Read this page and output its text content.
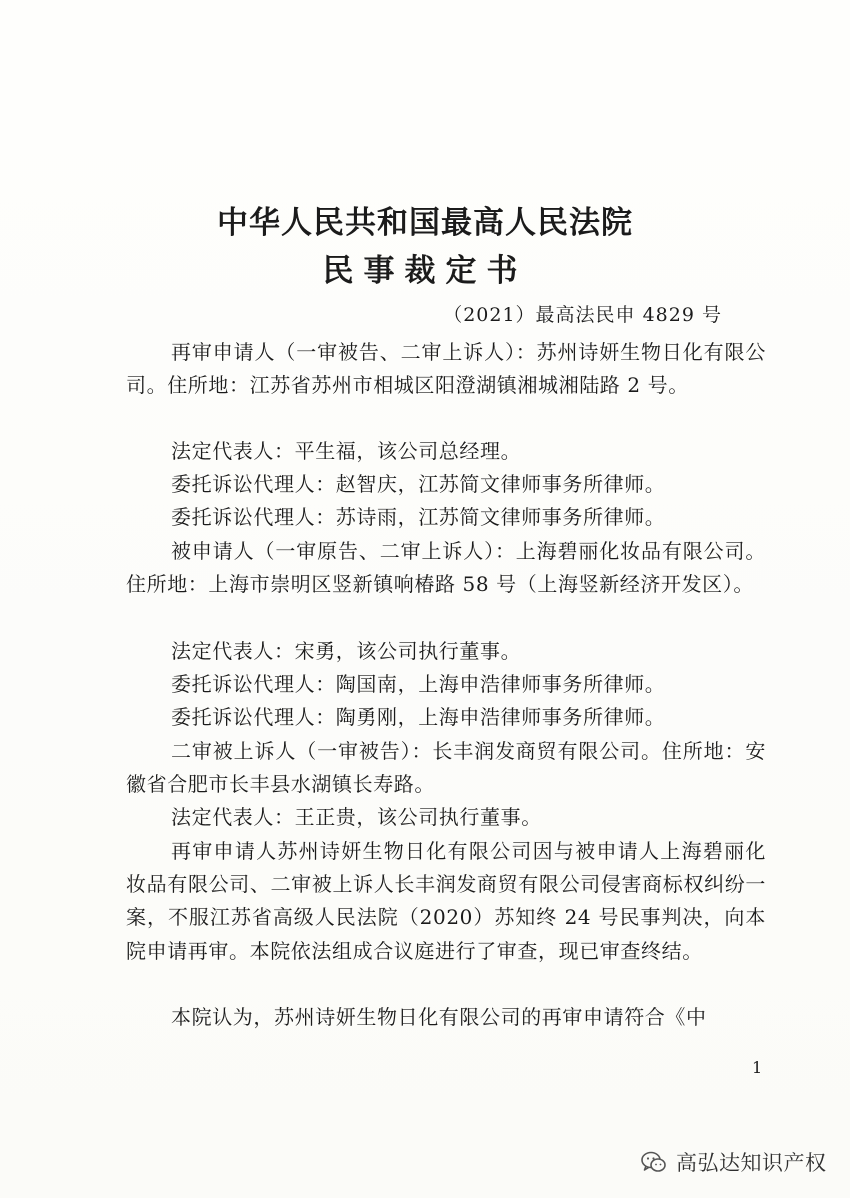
中华人民共和国最高人民法院
民事裁定书
（2021）最高法民申 4829 号
再审申请人（一审被告、二审上诉人）：苏州诗妍生物日化有限公司。住所地：江苏省苏州市相城区阳澄湖镇湘城湘陆路 2 号。
法定代表人：平生福，该公司总经理。
委托诉讼代理人：赵智庆，江苏简文律师事务所律师。
委托诉讼代理人：苏诗雨，江苏简文律师事务所律师。
被申请人（一审原告、二审上诉人）：上海碧丽化妆品有限公司。住所地：上海市崇明区竖新镇响椿路 58 号（上海竖新经济开发区）。
法定代表人：宋勇，该公司执行董事。
委托诉讼代理人：陶国南，上海申浩律师事务所律师。
委托诉讼代理人：陶勇刚，上海申浩律师事务所律师。
二审被上诉人（一审被告）：长丰润发商贸有限公司。住所地：安徽省合肥市长丰县水湖镇长寿路。
法定代表人：王正贵，该公司执行董事。
再审申请人苏州诗妍生物日化有限公司因与被申请人上海碧丽化妆品有限公司、二审被上诉人长丰润发商贸有限公司侵害商标权纠纷一案，不服江苏省高级人民法院（2020）苏知终 24 号民事判决，向本院申请再审。本院依法组成合议庭进行了审查，现已审查终结。
本院认为，苏州诗妍生物日化有限公司的再审申请符合《中
1
高弘达知识产权
